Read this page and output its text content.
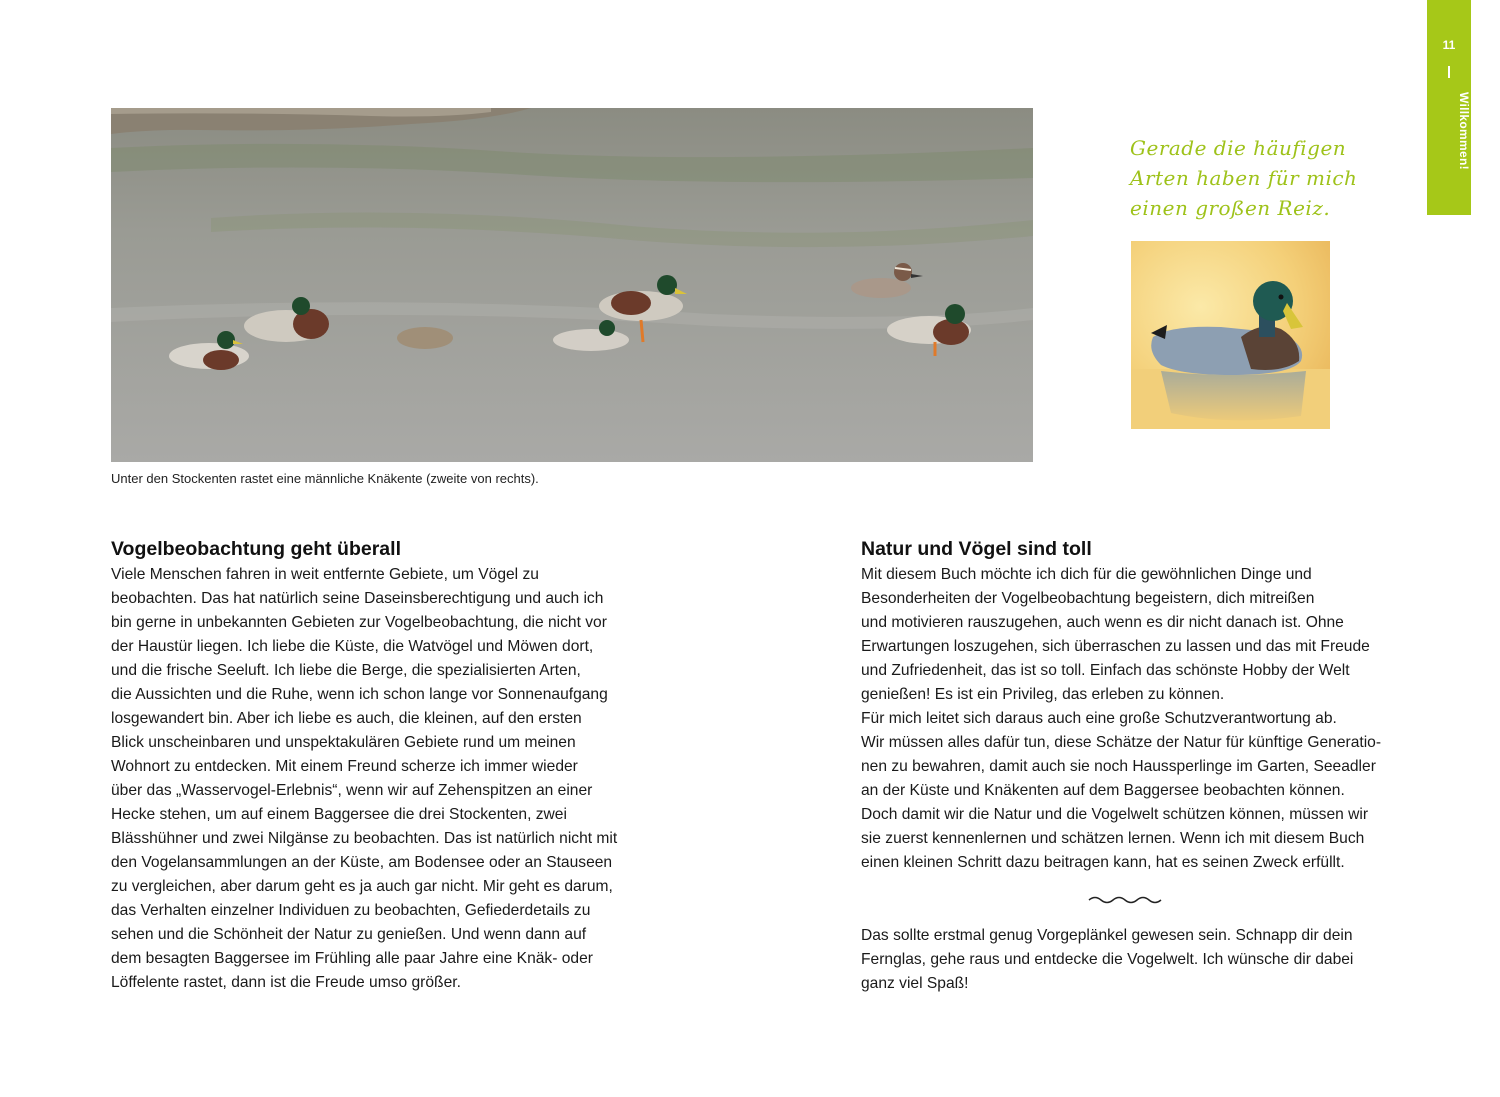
11
Willkommen!
Unter den Stockenten rastet eine männliche Knäkente (zweite von rechts).
Gerade die häufigen
Arten haben für mich
einen großen Reiz.
Vogelbeobachtung geht überall
Viele Menschen fahren in weit entfernte Gebiete, um Vögel zu
beobachten. Das hat natürlich seine Daseinsberechtigung und auch ich
bin gerne in unbekannten Gebieten zur Vogelbeobachtung, die nicht vor
der Haustür liegen. Ich liebe die Küste, die Watvögel und Möwen dort,
und die frische Seeluft. Ich liebe die Berge, die spezialisierten Arten,
die Aussichten und die Ruhe, wenn ich schon lange vor Sonnenaufgang
losgewandert bin. Aber ich liebe es auch, die kleinen, auf den ersten
Blick unscheinbaren und unspektakulären Gebiete rund um meinen
Wohnort zu entdecken. Mit einem Freund scherze ich immer wieder
über das „Wasservogel-Erlebnis“, wenn wir auf Zehenspitzen an einer
Hecke stehen, um auf einem Baggersee die drei Stockenten, zwei
Blässhühner und zwei Nilgänse zu beobachten. Das ist natürlich nicht mit
den Vogelansammlungen an der Küste, am Bodensee oder an Stauseen
zu vergleichen, aber darum geht es ja auch gar nicht. Mir geht es darum,
das Verhalten einzelner Individuen zu beobachten, Gefiederdetails zu
sehen und die Schönheit der Natur zu genießen. Und wenn dann auf
dem besagten Baggersee im Frühling alle paar Jahre eine Knäk- oder
Löffelente rastet, dann ist die Freude umso größer.
Natur und Vögel sind toll
Mit diesem Buch möchte ich dich für die gewöhnlichen Dinge und
Besonderheiten der Vogelbeobachtung begeistern, dich mitreißen
und motivieren rauszugehen, auch wenn es dir nicht danach ist. Ohne
Erwartungen loszugehen, sich überraschen zu lassen und das mit Freude
und Zufriedenheit, das ist so toll. Einfach das schönste Hobby der Welt
genießen! Es ist ein Privileg, das erleben zu können.
Für mich leitet sich daraus auch eine große Schutzverantwortung ab.
Wir müssen alles dafür tun, diese Schätze der Natur für künftige Generatio-
nen zu bewahren, damit auch sie noch Haussperlinge im Garten, Seeadler
an der Küste und Knäkenten auf dem Baggersee beobachten können.
Doch damit wir die Natur und die Vogelwelt schützen können, müssen wir
sie zuerst kennenlernen und schätzen lernen. Wenn ich mit diesem Buch
einen kleinen Schritt dazu beitragen kann, hat es seinen Zweck erfüllt.
Das sollte erstmal genug Vorgeplänkel gewesen sein. Schnapp dir dein
Fernglas, gehe raus und entdecke die Vogelwelt. Ich wünsche dir dabei
ganz viel Spaß!
